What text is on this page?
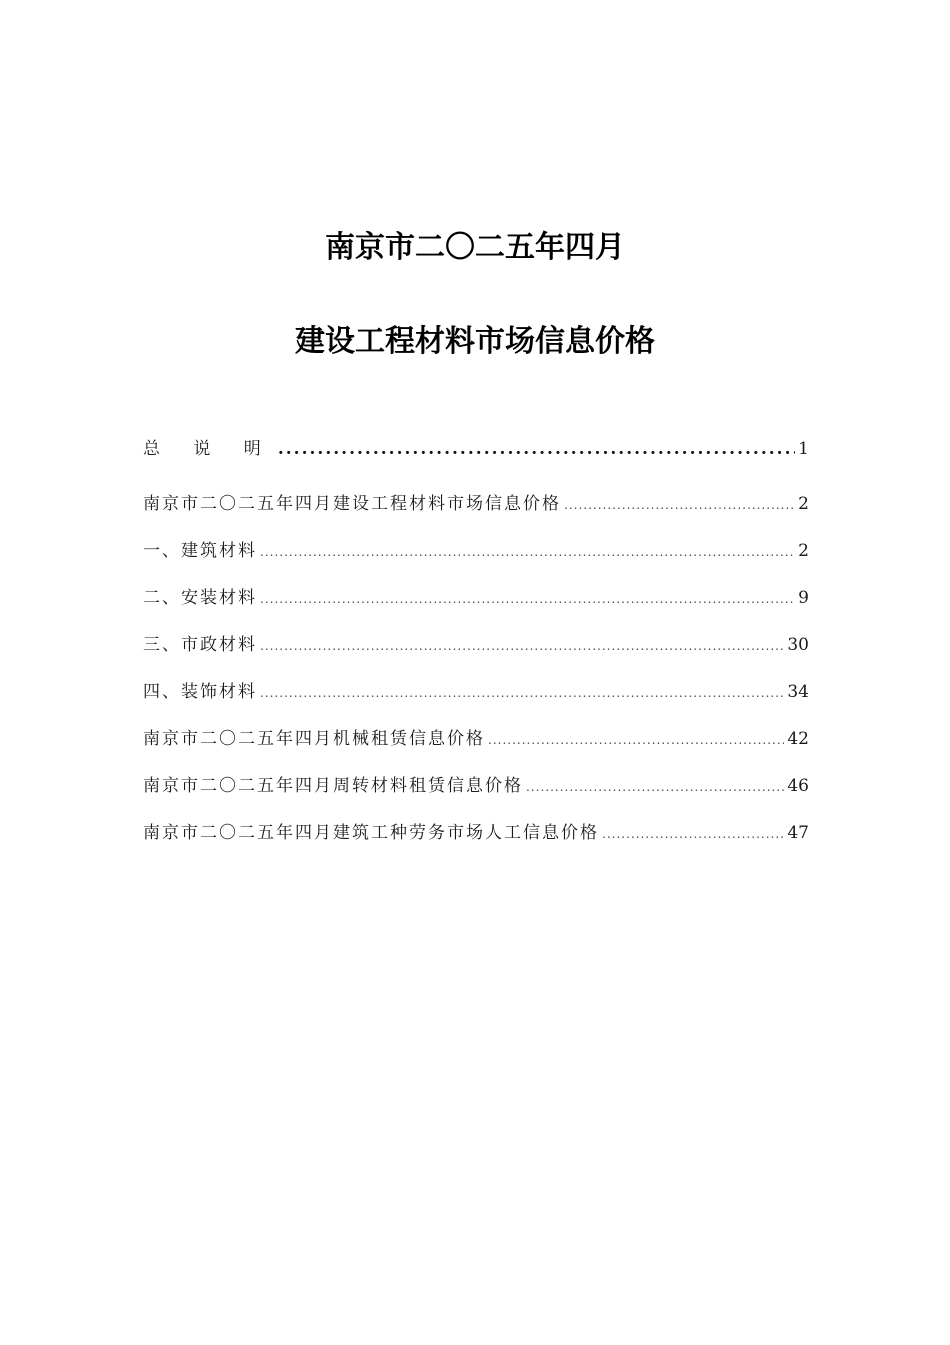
南京市二〇二五年四月
建设工程材料市场信息价格
总 说 明 .....	1
南京市二〇二五年四月建设工程材料市场信息价格 .....	2
一、建筑材料 .....	2
二、安装材料 .....	9
三、市政材料 .....	30
四、装饰材料 .....	34
南京市二〇二五年四月机械租赁信息价格 .....	42
南京市二〇二五年四月周转材料租赁信息价格 .....	46
南京市二〇二五年四月建筑工种劳务市场人工信息价格 .....	47
